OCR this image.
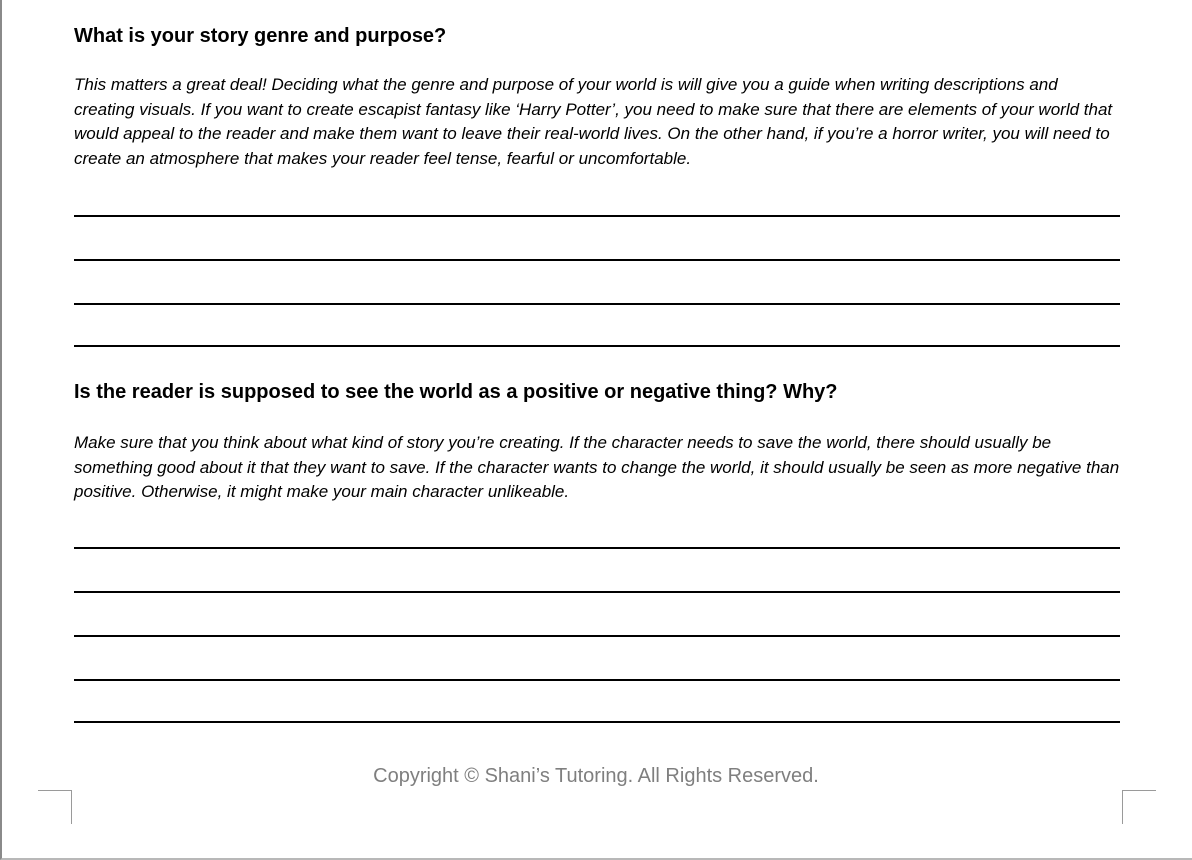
What is your story genre and purpose?

This matters a great deal! Deciding what the genre and purpose of your world is will give you a guide when writing descriptions and creating visuals. If you want to create escapist fantasy like ‘Harry Potter’, you need to make sure that there are elements of your world that would appeal to the reader and make them want to leave their real-world lives. On the other hand, if you’re a horror writer, you will need to create an atmosphere that makes your reader feel tense, fearful or uncomfortable.

Is the reader is supposed to see the world as a positive or negative thing? Why?

Make sure that you think about what kind of story you’re creating. If the character needs to save the world, there should usually be something good about it that they want to save. If the character wants to change the world, it should usually be seen as more negative than positive. Otherwise, it might make your main character unlikeable.

Copyright © Shani’s Tutoring. All Rights Reserved.
